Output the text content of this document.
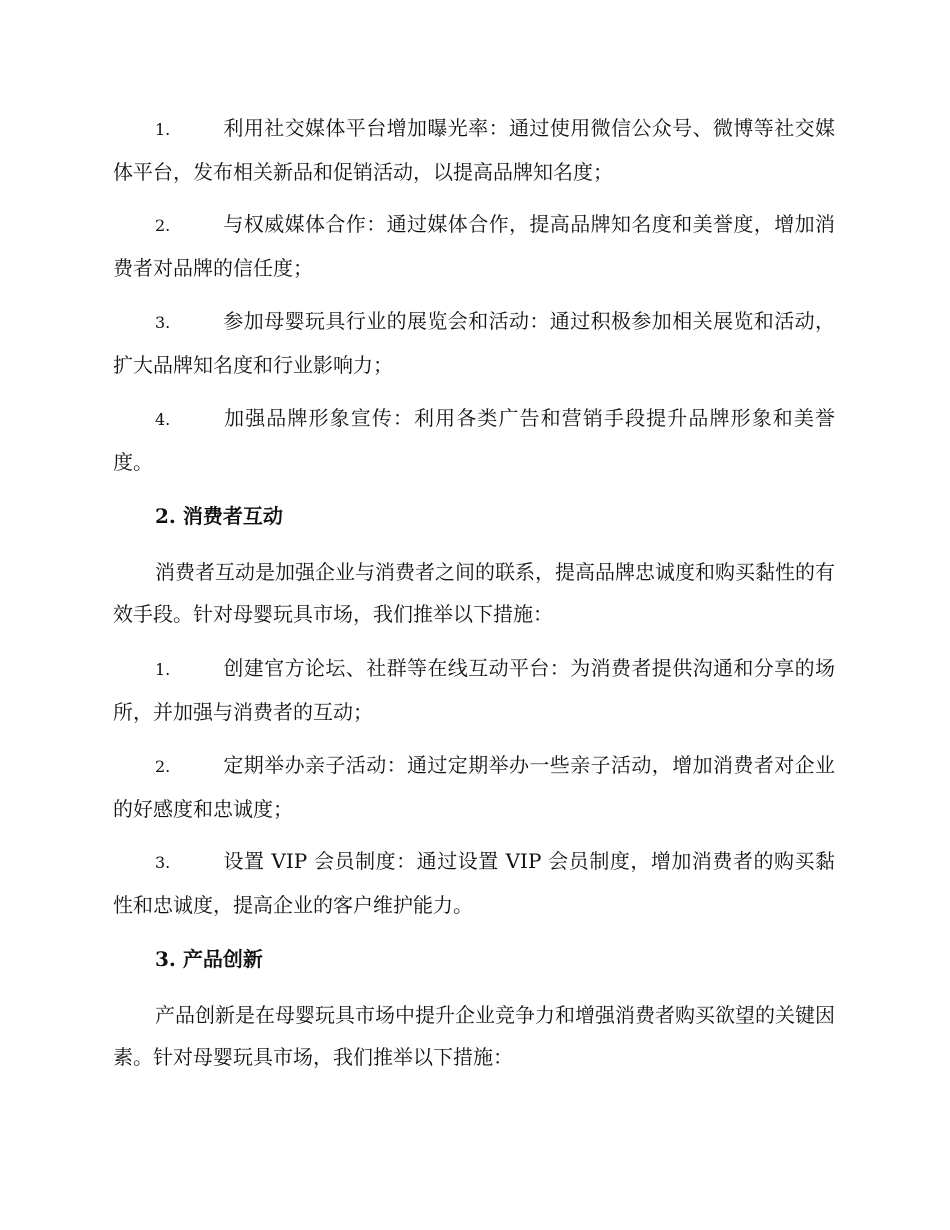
1.	利用社交媒体平台增加曝光率：通过使用微信公众号、微博等社交媒体平台，发布相关新品和促销活动，以提高品牌知名度；
2.	与权威媒体合作：通过媒体合作，提高品牌知名度和美誉度，增加消费者对品牌的信任度；
3.	参加母婴玩具行业的展览会和活动：通过积极参加相关展览和活动，扩大品牌知名度和行业影响力；
4.	加强品牌形象宣传：利用各类广告和营销手段提升品牌形象和美誉度。
2. 消费者互动
消费者互动是加强企业与消费者之间的联系，提高品牌忠诚度和购买黏性的有效手段。针对母婴玩具市场，我们推举以下措施：
1.	创建官方论坛、社群等在线互动平台：为消费者提供沟通和分享的场所，并加强与消费者的互动；
2.	定期举办亲子活动：通过定期举办一些亲子活动，增加消费者对企业的好感度和忠诚度；
3.	设置 VIP 会员制度：通过设置 VIP 会员制度，增加消费者的购买黏性和忠诚度，提高企业的客户维护能力。
3. 产品创新
产品创新是在母婴玩具市场中提升企业竞争力和增强消费者购买欲望的关键因素。针对母婴玩具市场，我们推举以下措施：
